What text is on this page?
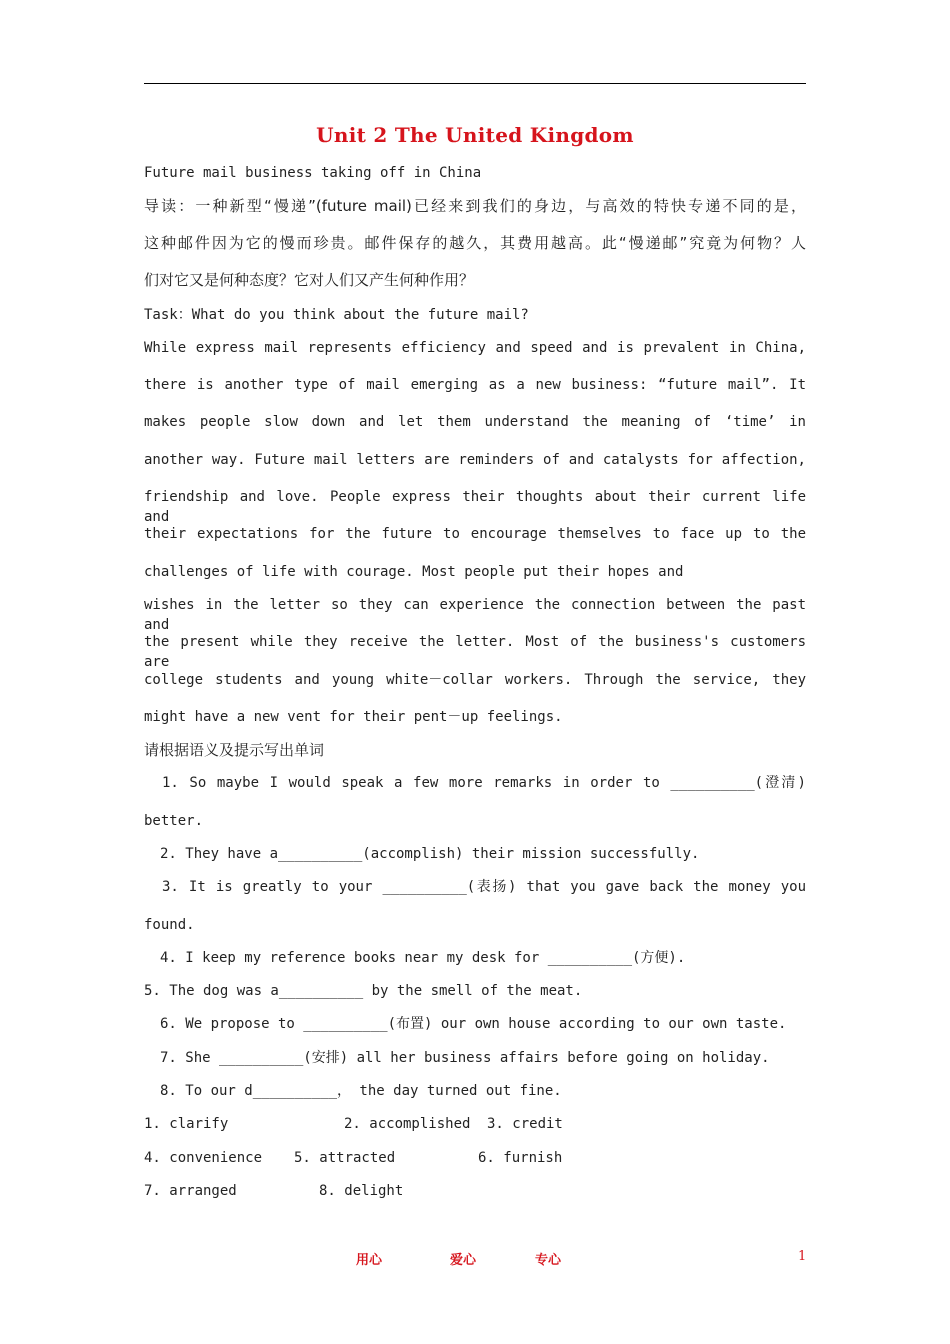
Unit 2 The United Kingdom
Future mail business taking off in China
导读：一种新型“慢递”(future mail)已经来到我们的身边，与高效的特快专递不同的是，
这种邮件因为它的慢而珍贵。邮件保存的越久，其费用越高。此“慢递邮”究竟为何物？人
们对它又是何种态度？它对人们又产生何种作用？
Task：What do you think about the future mail?
While express mail represents efficiency and speed and is prevalent in China,
there is another type of mail emerging as a new business: “future mail”. It
makes people slow down and let them understand the meaning of ‘time’ in
another way. Future mail letters are reminders of and catalysts for affection,
friendship and love. People express their thoughts about their current life and
their expectations for the future to encourage themselves to face up to the
challenges of life with courage. Most people put their hopes and
wishes in the letter so they can experience the connection between the past and
the present while they receive the letter. Most of the business's customers are
college students and young white－collar workers. Through the service, they
might have a new vent for their pent－up feelings.
请根据语义及提示写出单词
1. So maybe I would speak a few more remarks in order to __________(澄清)
better.
2. They have a__________(accomplish) their mission successfully.
3. It is greatly to your __________(表扬) that you gave back the money you
found.
4. I keep my reference books near my desk for __________(方便).
5. The dog was a__________ by the smell of the meat.
6. We propose to __________(布置) our own house according to our own taste.
7. She __________(安排) all her business affairs before going on holiday.
8. To our d__________， the day turned out fine.
1. clarify	2. accomplished 3. credit
4. convenience 5. attracted	6. furnish
7. arranged	8. delight
用心	爱心	专心	1
